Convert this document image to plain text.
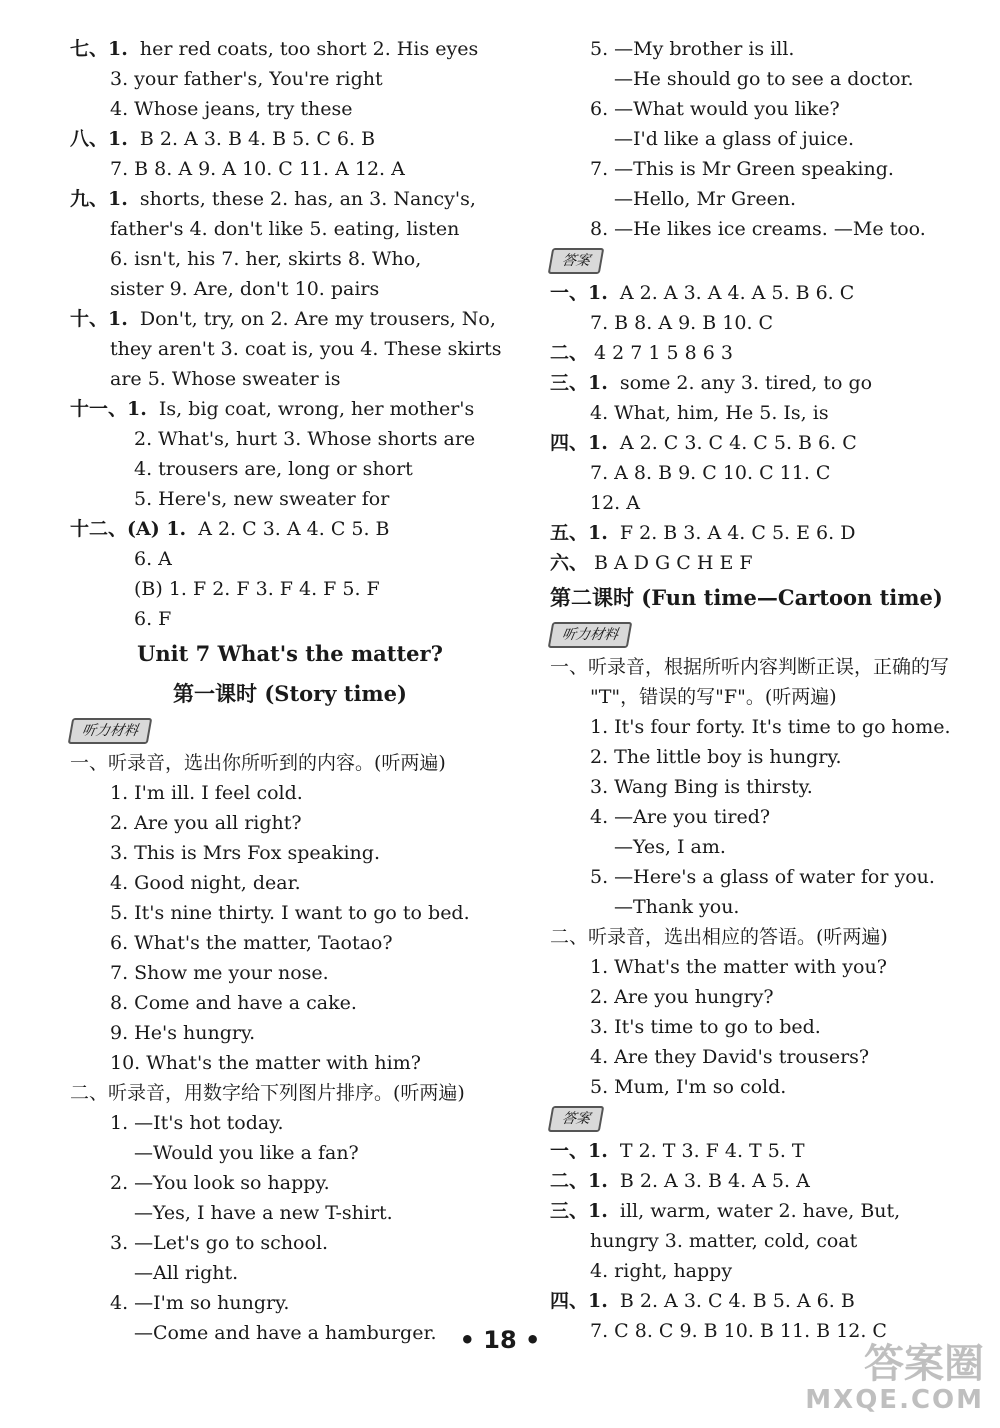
七、1. her red coats, too short 2. His eyes
3. your father's, You're right
4. Whose jeans, try these
八、1. B 2. A 3. B 4. B 5. C 6. B
7. B 8. A 9. A 10. C 11. A 12. A
九、1. shorts, these 2. has, an 3. Nancy's,
father's 4. don't like 5. eating, listen
6. isn't, his 7. her, skirts 8. Who,
sister 9. Are, don't 10. pairs
十、1. Don't, try, on 2. Are my trousers, No,
they aren't 3. coat is, you 4. These skirts
are 5. Whose sweater is
十一、1. Is, big coat, wrong, her mother's
2. What's, hurt 3. Whose shorts are
4. trousers are, long or short
5. Here's, new sweater for
十二、(A) 1. A 2. C 3. A 4. C 5. B
6. A
(B) 1. F 2. F 3. F 4. F 5. F
6. F
Unit 7 What's the matter?
第一课时 (Story time)
听力材料
一、听录音，选出你所听到的内容。(听两遍)
1. I'm ill. I feel cold.
2. Are you all right?
3. This is Mrs Fox speaking.
4. Good night, dear.
5. It's nine thirty. I want to go to bed.
6. What's the matter, Taotao?
7. Show me your nose.
8. Come and have a cake.
9. He's hungry.
10. What's the matter with him?
二、听录音，用数字给下列图片排序。(听两遍)
1. —It's hot today.
—Would you like a fan?
2. —You look so happy.
—Yes, I have a new T-shirt.
3. —Let's go to school.
—All right.
4. —I'm so hungry.
—Come and have a hamburger.
5. —My brother is ill.
—He should go to see a doctor.
6. —What would you like?
—I'd like a glass of juice.
7. —This is Mr Green speaking.
—Hello, Mr Green.
8. —He likes ice creams. —Me too.
答案
一、1. A 2. A 3. A 4. A 5. B 6. C
7. B 8. A 9. B 10. C
二、 4 2 7 1 5 8 6 3
三、1. some 2. any 3. tired, to go
4. What, him, He 5. Is, is
四、1. A 2. C 3. C 4. C 5. B 6. C
7. A 8. B 9. C 10. C 11. C
12. A
五、1. F 2. B 3. A 4. C 5. E 6. D
六、 B A D G C H E F
第二课时 (Fun time—Cartoon time)
听力材料
一、听录音，根据所听内容判断正误，正确的写
"T"，错误的写"F"。(听两遍)
1. It's four forty. It's time to go home.
2. The little boy is hungry.
3. Wang Bing is thirsty.
4. —Are you tired?
—Yes, I am.
5. —Here's a glass of water for you.
—Thank you.
二、听录音，选出相应的答语。(听两遍)
1. What's the matter with you?
2. Are you hungry?
3. It's time to go to bed.
4. Are they David's trousers?
5. Mum, I'm so cold.
答案
一、1. T 2. T 3. F 4. T 5. T
二、1. B 2. A 3. B 4. A 5. A
三、1. ill, warm, water 2. have, But,
hungry 3. matter, cold, coat
4. right, happy
四、1. B 2. A 3. C 4. B 5. A 6. B
7. C 8. C 9. B 10. B 11. B 12. C
• 18 •
答案圈
MXQE.COM
